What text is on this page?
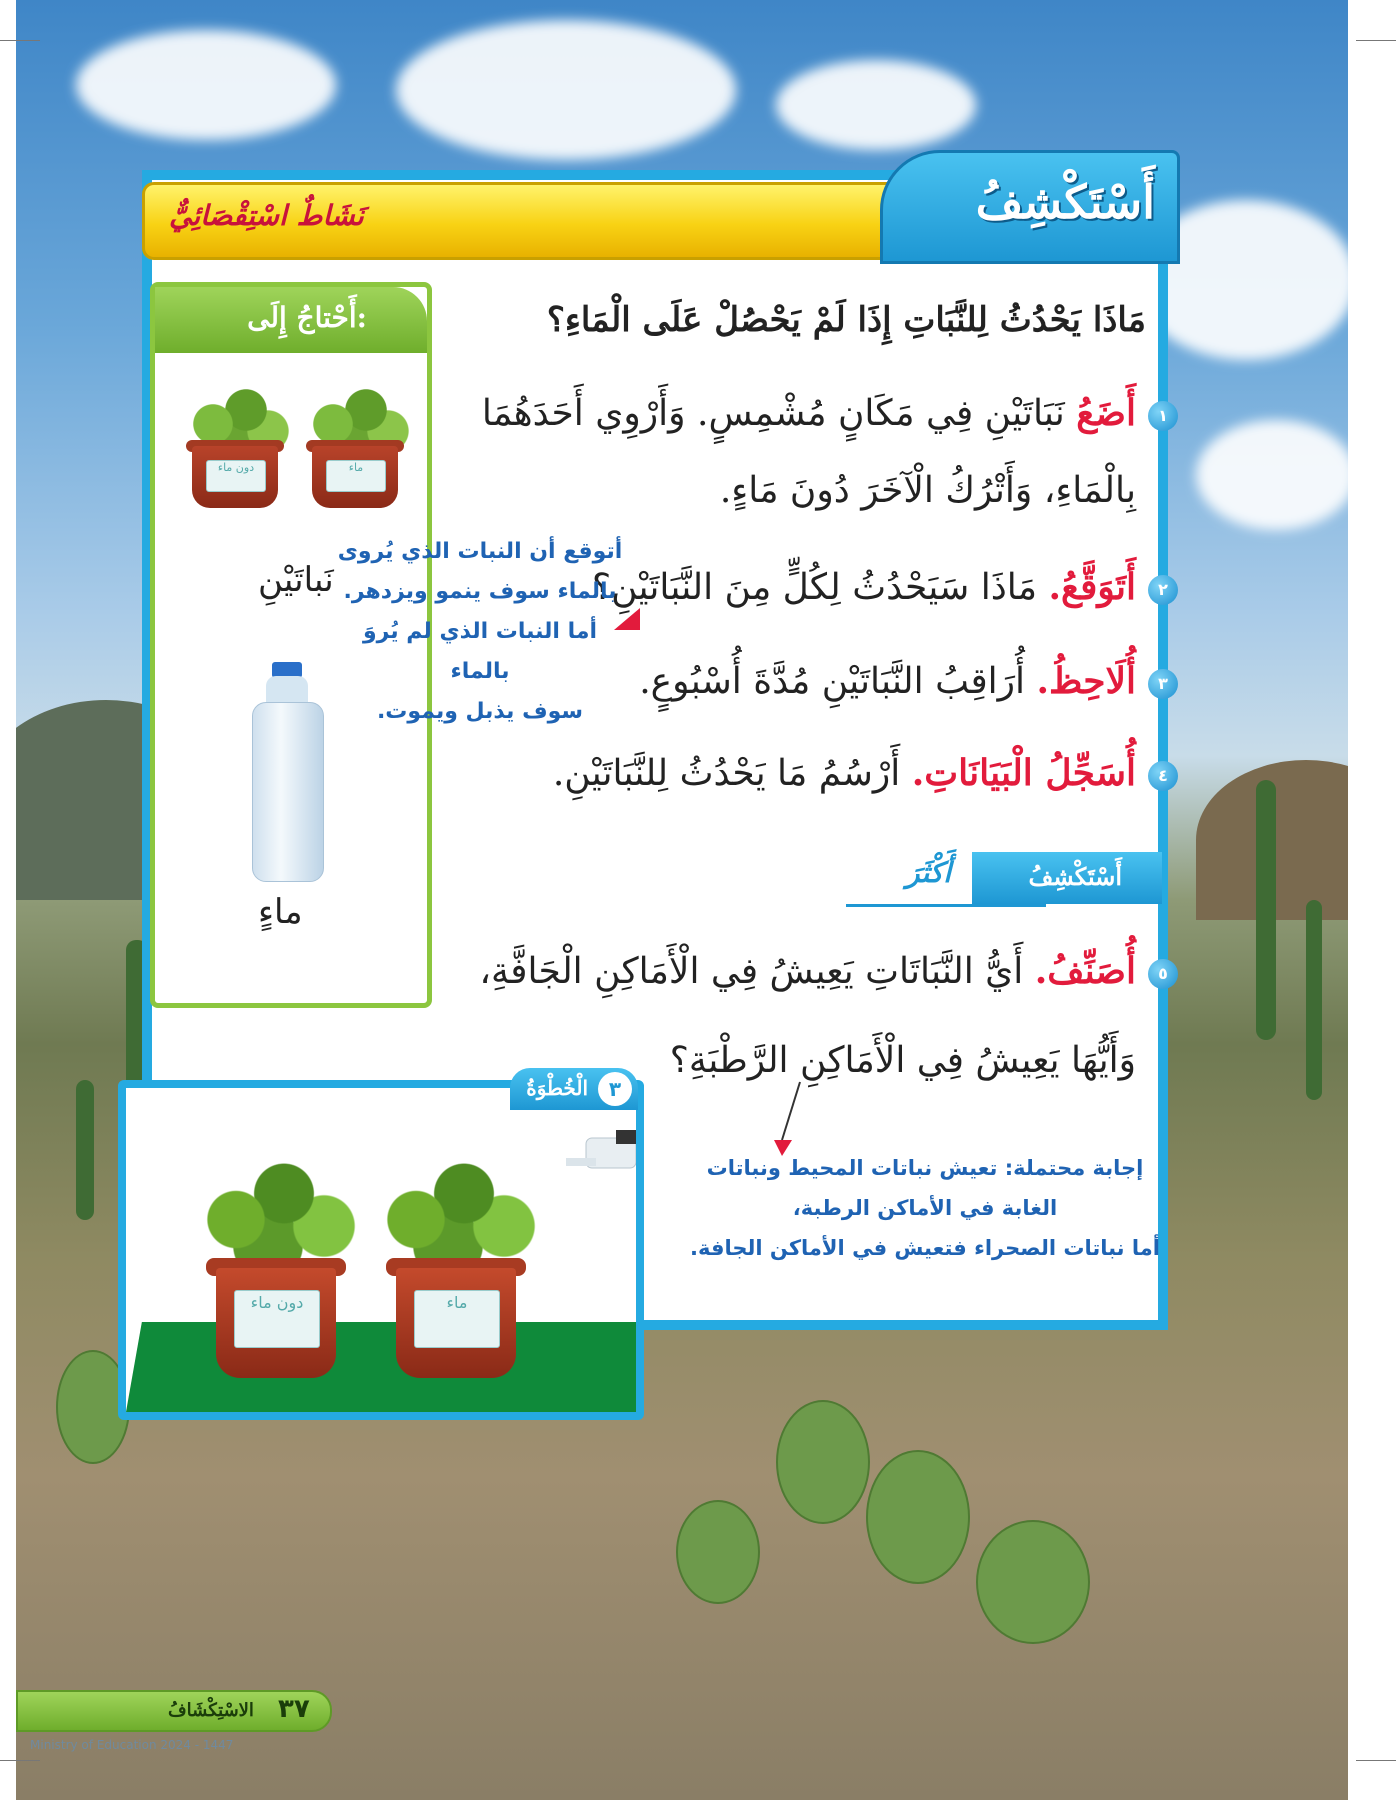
نَشَاطٌ اسْتِقْصَائِيٌّ	أَسْتَكْشِفُ
أَحْتاجُ إِلَى:
دون ماء	ماء
نَباتَيْنِ
ماءٍ
مَاذَا يَحْدُثُ لِلنَّبَاتِ إِذَا لَمْ يَحْصُلْ عَلَى الْمَاءِ؟
١أَضَعُ نَبَاتَيْنِ فِي مَكَانٍ مُشْمِسٍ. وَأَرْوِي أَحَدَهُمَا
بِالْمَاءِ، وَأَتْرُكُ الْآخَرَ دُونَ مَاءٍ.
٢أَتَوَقَّعُ. مَاذَا سَيَحْدُثُ لِكُلٍّ مِنَ النَّبَاتَيْنِ؟
٣أُلَاحِظُ. أُرَاقِبُ النَّبَاتَيْنِ مُدَّةَ أُسْبُوعٍ.
٤أُسَجِّلُ الْبَيَانَاتِ. أَرْسُمُ مَا يَحْدُثُ لِلنَّبَاتَيْنِ.
أَسْتَكْشِفُ
أَكْثَرَ
٥أُصَنِّفُ. أَيُّ النَّبَاتَاتِ يَعِيشُ فِي الْأَمَاكِنِ الْجَافَّةِ،
وَأَيُّهَا يَعِيشُ فِي الْأَمَاكِنِ الرَّطْبَةِ؟
أتوقع أن النبات الذي يُروى
بالماء سوف ينمو ويزدهر.
أما النبات الذي لم يُروَ بالماء
سوف يذبل ويموت.
إجابة محتملة: تعيش نباتات المحيط ونباتات
الغابة في الأماكن الرطبة،
أما نباتات الصحراء فتعيش في الأماكن الجافة.
دون ماء	ماء
الْخُطْوَةُ	٣
٣٧
الاسْتِكْشَافُ
Ministry of Education 2024 - 1447
